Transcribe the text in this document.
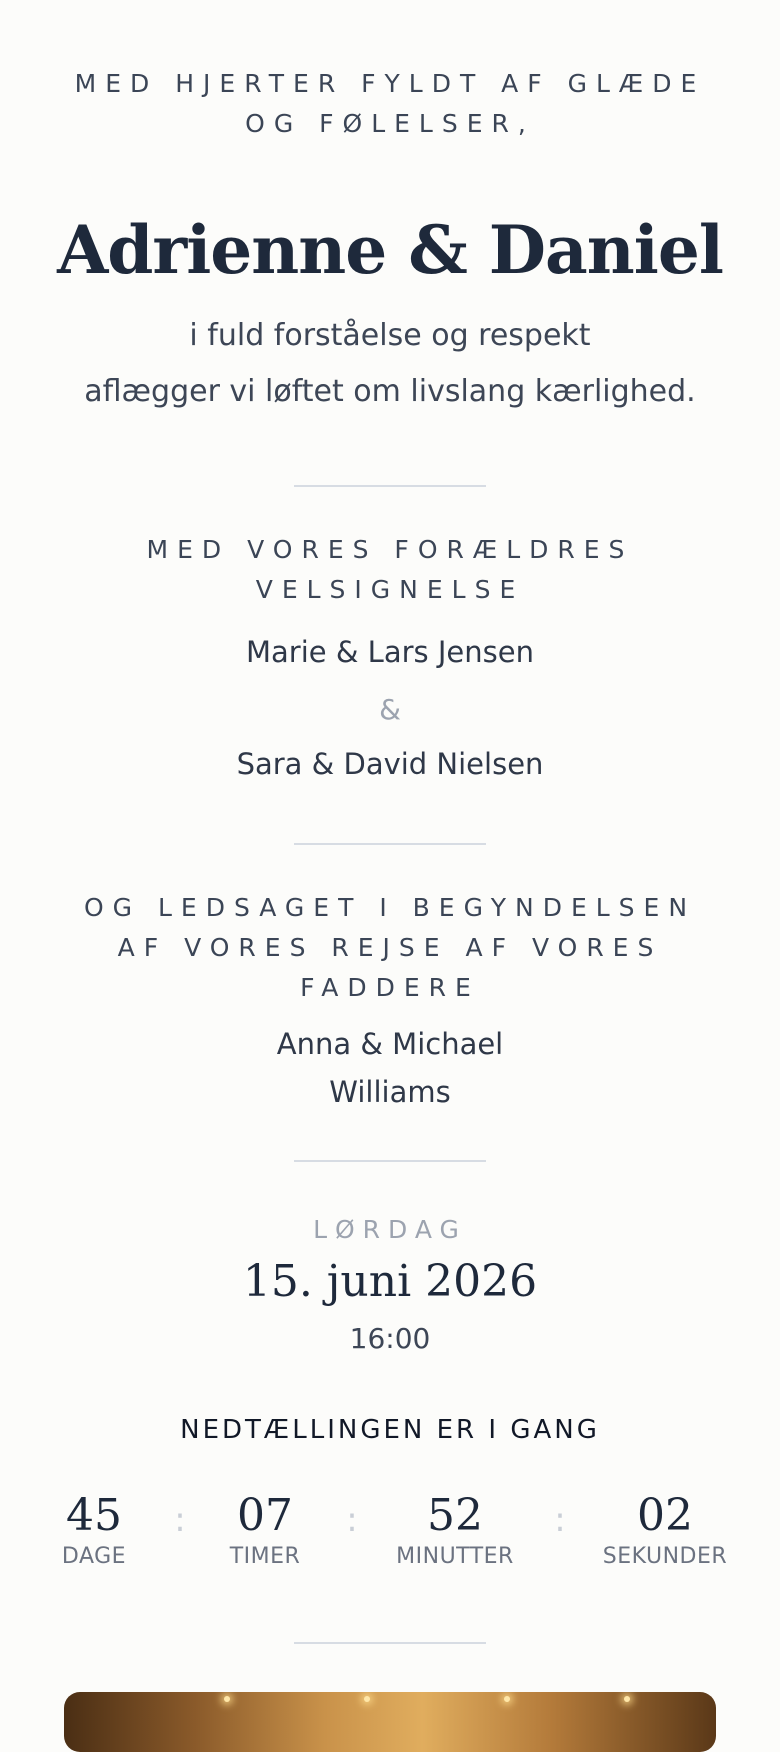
MED HJERTER FYLDT AF GLÆDE
OG FØLELSER,
Adrienne & Daniel
i fuld forståelse og respekt
aflægger vi løftet om livslang kærlighed.
MED VORES FORÆLDRES
VELSIGNELSE
Marie & Lars Jensen
&
Sara & David Nielsen
OG LEDSAGET I BEGYNDELSEN
AF VORES REJSE AF VORES
FADDERE
Anna & Michael
Williams
LØRDAG
15. juni 2026
16:00
NEDTÆLLINGEN ER I GANG
45
DAGE
:	07
TIMER
:	52
MINUTTER
:	02
SEKUNDER
